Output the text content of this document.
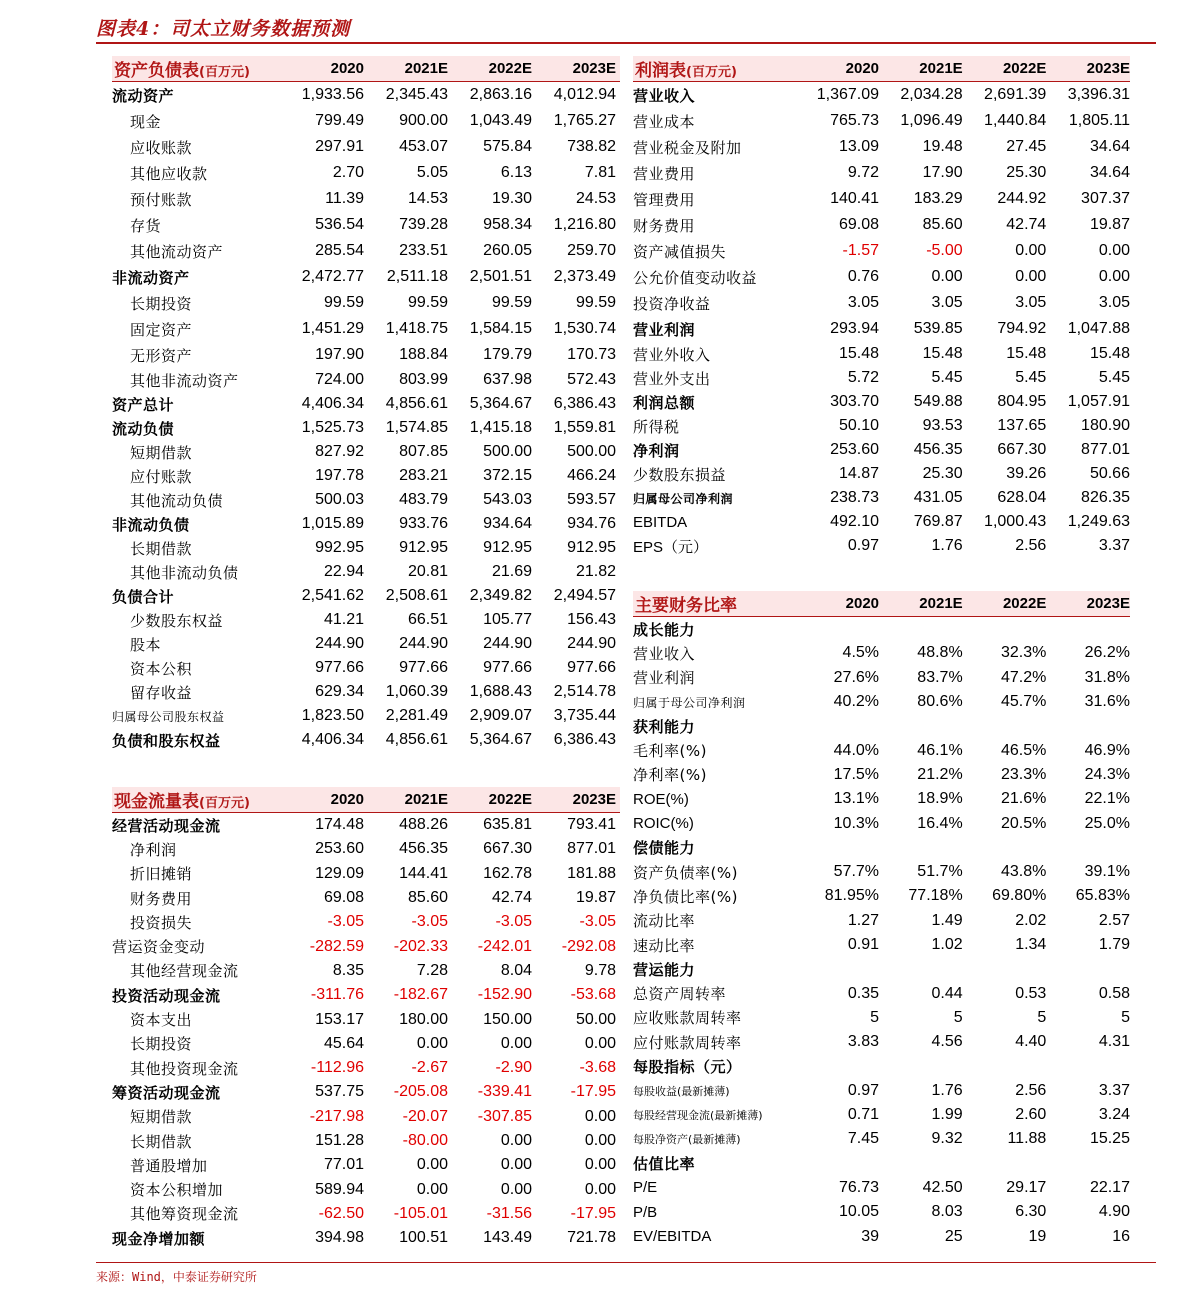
图表4：司太立财务数据预测
资产负债表(百万元)	2020	2021E	2022E	2023E
流动资产	1,933.56	2,345.43	2,863.16	4,012.94
现金	799.49	900.00	1,043.49	1,765.27
应收账款	297.91	453.07	575.84	738.82
其他应收款	2.70	5.05	6.13	7.81
预付账款	11.39	14.53	19.30	24.53
存货	536.54	739.28	958.34	1,216.80
其他流动资产	285.54	233.51	260.05	259.70
非流动资产	2,472.77	2,511.18	2,501.51	2,373.49
长期投资	99.59	99.59	99.59	99.59
固定资产	1,451.29	1,418.75	1,584.15	1,530.74
无形资产	197.90	188.84	179.79	170.73
其他非流动资产	724.00	803.99	637.98	572.43
资产总计	4,406.34	4,856.61	5,364.67	6,386.43
流动负债	1,525.73	1,574.85	1,415.18	1,559.81
短期借款	827.92	807.85	500.00	500.00
应付账款	197.78	283.21	372.15	466.24
其他流动负债	500.03	483.79	543.03	593.57
非流动负债	1,015.89	933.76	934.64	934.76
长期借款	992.95	912.95	912.95	912.95
其他非流动负债	22.94	20.81	21.69	21.82
负债合计	2,541.62	2,508.61	2,349.82	2,494.57
少数股东权益	41.21	66.51	105.77	156.43
股本	244.90	244.90	244.90	244.90
资本公积	977.66	977.66	977.66	977.66
留存收益	629.34	1,060.39	1,688.43	2,514.78
归属母公司股东权益	1,823.50	2,281.49	2,909.07	3,735.44
负债和股东权益	4,406.34	4,856.61	5,364.67	6,386.43
现金流量表(百万元)	2020	2021E	2022E	2023E
经营活动现金流	174.48	488.26	635.81	793.41
净利润	253.60	456.35	667.30	877.01
折旧摊销	129.09	144.41	162.78	181.88
财务费用	69.08	85.60	42.74	19.87
投资损失	-3.05	-3.05	-3.05	-3.05
营运资金变动	-282.59	-202.33	-242.01	-292.08
其他经营现金流	8.35	7.28	8.04	9.78
投资活动现金流	-311.76	-182.67	-152.90	-53.68
资本支出	153.17	180.00	150.00	50.00
长期投资	45.64	0.00	0.00	0.00
其他投资现金流	-112.96	-2.67	-2.90	-3.68
筹资活动现金流	537.75	-205.08	-339.41	-17.95
短期借款	-217.98	-20.07	-307.85	0.00
长期借款	151.28	-80.00	0.00	0.00
普通股增加	77.01	0.00	0.00	0.00
资本公积增加	589.94	0.00	0.00	0.00
其他筹资现金流	-62.50	-105.01	-31.56	-17.95
现金净增加额	394.98	100.51	143.49	721.78
利润表(百万元)	2020	2021E	2022E	2023E
营业收入	1,367.09	2,034.28	2,691.39	3,396.31
营业成本	765.73	1,096.49	1,440.84	1,805.11
营业税金及附加	13.09	19.48	27.45	34.64
营业费用	9.72	17.90	25.30	34.64
管理费用	140.41	183.29	244.92	307.37
财务费用	69.08	85.60	42.74	19.87
资产减值损失	-1.57	-5.00	0.00	0.00
公允价值变动收益	0.76	0.00	0.00	0.00
投资净收益	3.05	3.05	3.05	3.05
营业利润	293.94	539.85	794.92	1,047.88
营业外收入	15.48	15.48	15.48	15.48
营业外支出	5.72	5.45	5.45	5.45
利润总额	303.70	549.88	804.95	1,057.91
所得税	50.10	93.53	137.65	180.90
净利润	253.60	456.35	667.30	877.01
少数股东损益	14.87	25.30	39.26	50.66
归属母公司净利润	238.73	431.05	628.04	826.35
EBITDA	492.10	769.87	1,000.43	1,249.63
EPS（元）	0.97	1.76	2.56	3.37
主要财务比率	2020	2021E	2022E	2023E
成长能力
营业收入	4.5%	48.8%	32.3%	26.2%
营业利润	27.6%	83.7%	47.2%	31.8%
归属于母公司净利润	40.2%	80.6%	45.7%	31.6%
获利能力
毛利率(%)	44.0%	46.1%	46.5%	46.9%
净利率(%)	17.5%	21.2%	23.3%	24.3%
ROE(%)	13.1%	18.9%	21.6%	22.1%
ROIC(%)	10.3%	16.4%	20.5%	25.0%
偿债能力
资产负债率(%)	57.7%	51.7%	43.8%	39.1%
净负债比率(%)	81.95%	77.18%	69.80%	65.83%
流动比率	1.27	1.49	2.02	2.57
速动比率	0.91	1.02	1.34	1.79
营运能力
总资产周转率	0.35	0.44	0.53	0.58
应收账款周转率	5	5	5	5
应付账款周转率	3.83	4.56	4.40	4.31
每股指标（元）
每股收益(最新摊薄)	0.97	1.76	2.56	3.37
每股经营现金流(最新摊薄)	0.71	1.99	2.60	3.24
每股净资产(最新摊薄)	7.45	9.32	11.88	15.25
估值比率
P/E	76.73	42.50	29.17	22.17
P/B	10.05	8.03	6.30	4.90
EV/EBITDA	39	25	19	16
来源：Wind，中泰证券研究所
